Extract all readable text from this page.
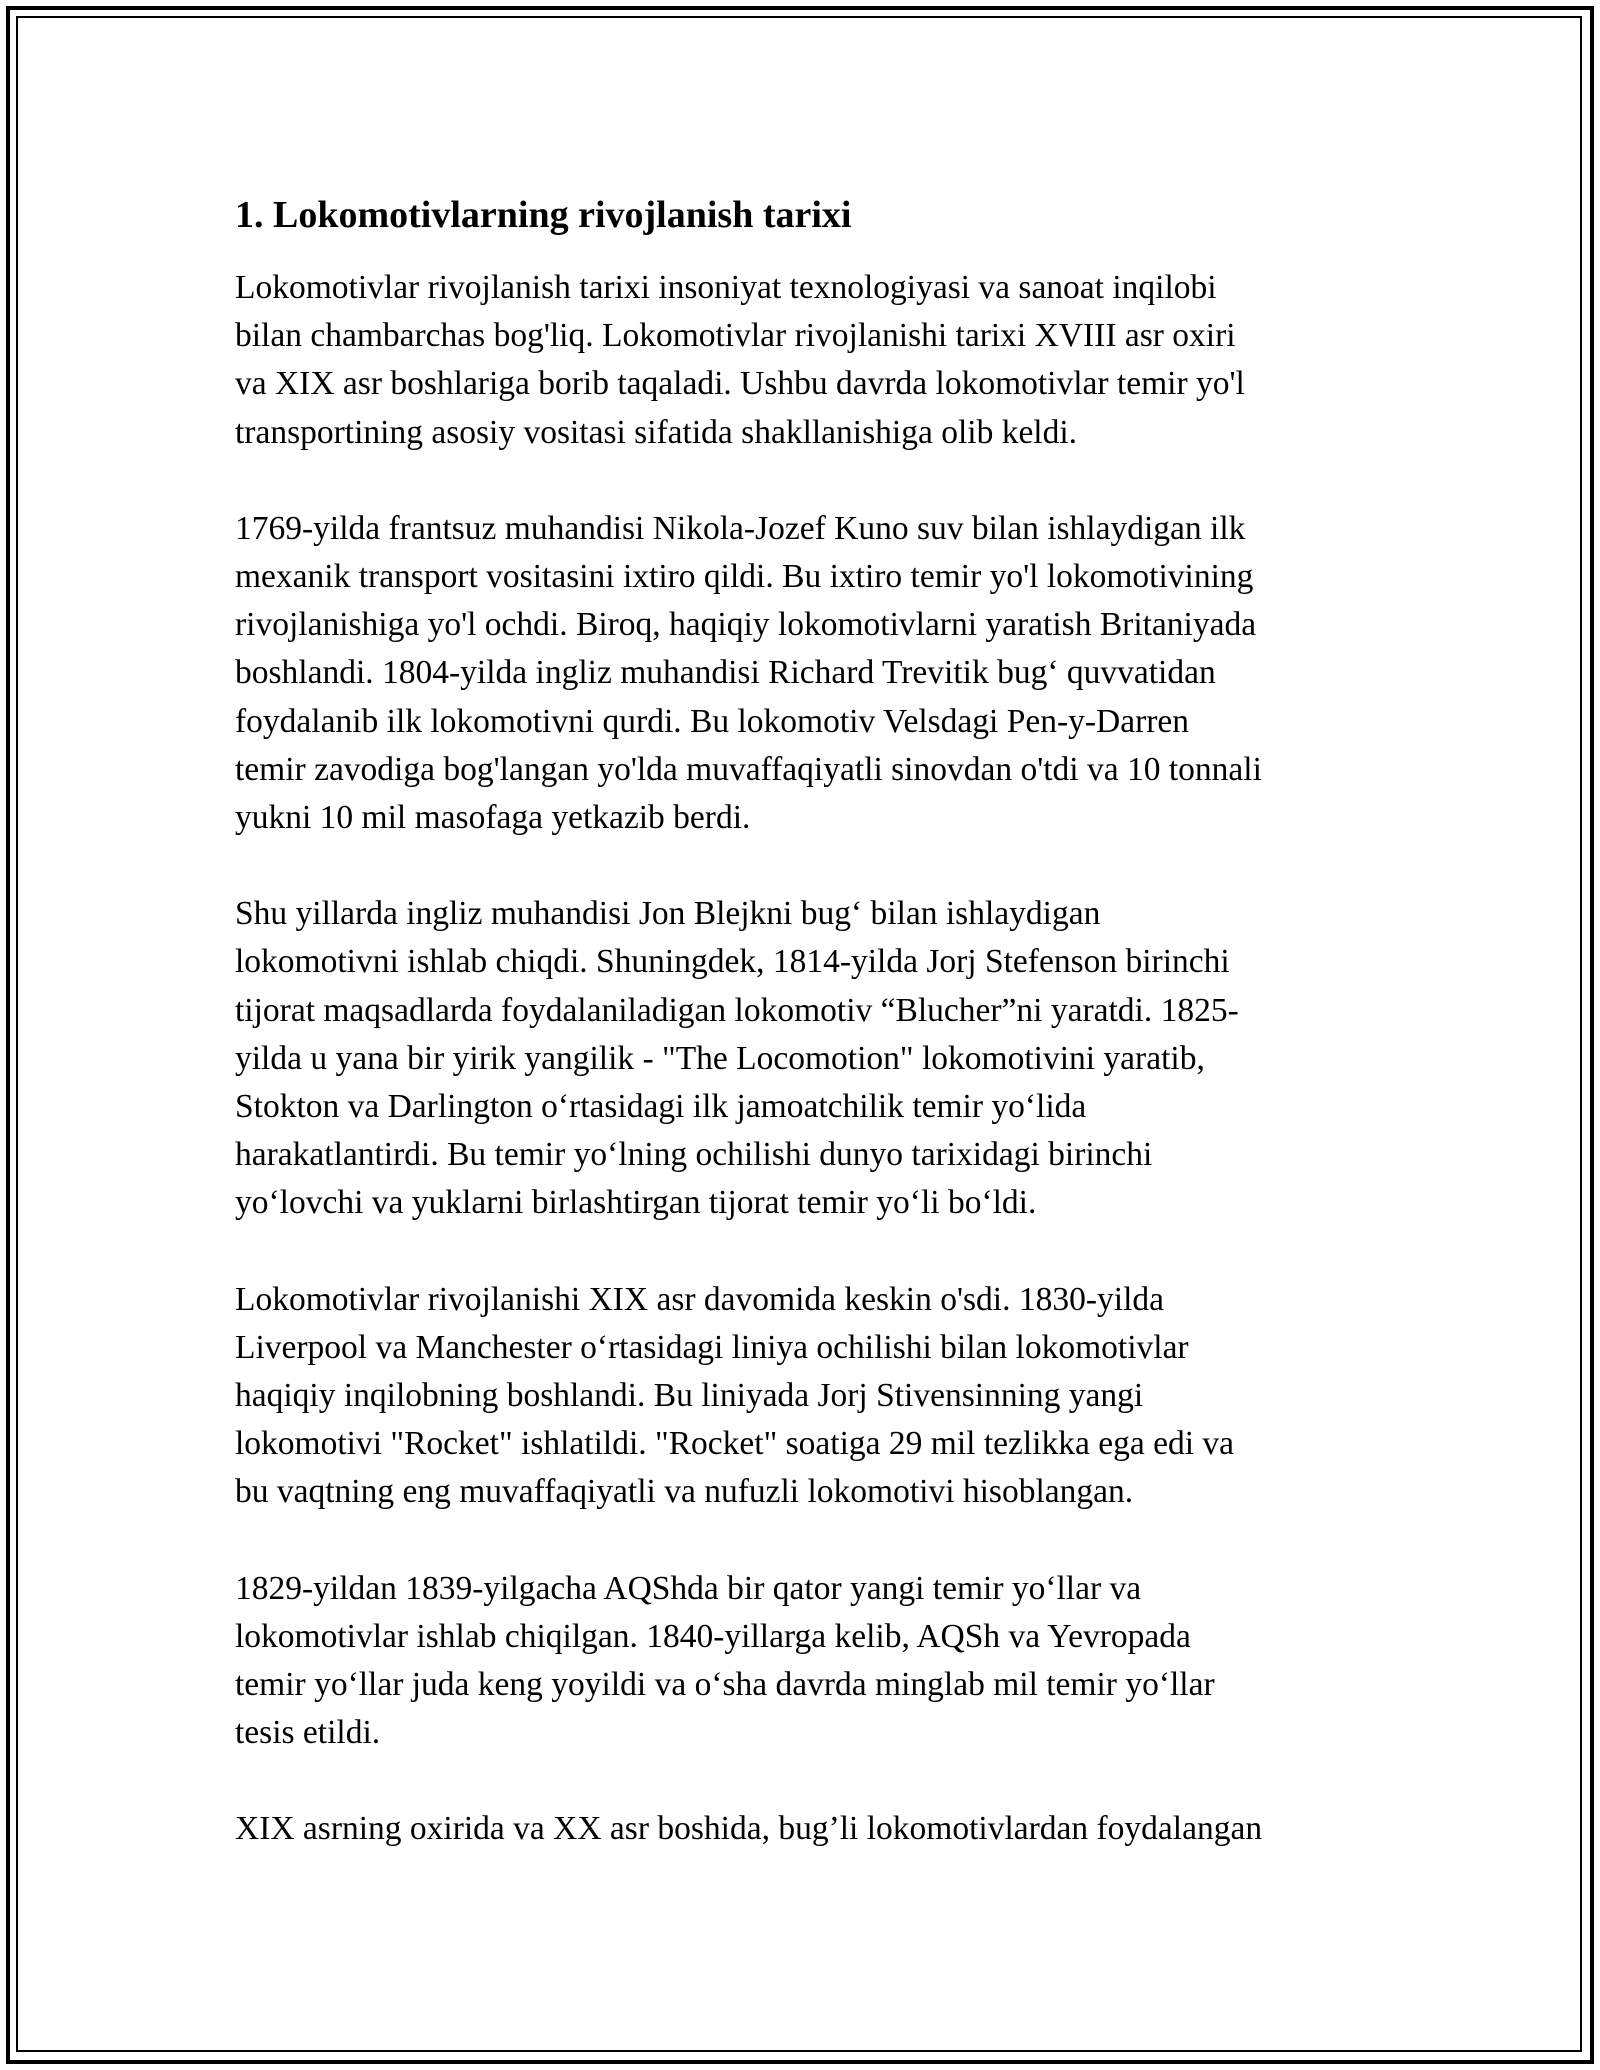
1. Lokomotivlarning rivojlanish tarixi

Lokomotivlar rivojlanish tarixi insoniyat texnologiyasi va sanoat inqilobi
bilan chambarchas bog'liq. Lokomotivlar rivojlanishi tarixi XVIII asr oxiri
va XIX asr boshlariga borib taqaladi. Ushbu davrda lokomotivlar temir yo'l
transportining asosiy vositasi sifatida shakllanishiga olib keldi.

1769-yilda frantsuz muhandisi Nikola-Jozef Kuno suv bilan ishlaydigan ilk
mexanik transport vositasini ixtiro qildi. Bu ixtiro temir yo'l lokomotivining
rivojlanishiga yo'l ochdi. Biroq, haqiqiy lokomotivlarni yaratish Britaniyada
boshlandi. 1804-yilda ingliz muhandisi Richard Trevitik bug‘ quvvatidan
foydalanib ilk lokomotivni qurdi. Bu lokomotiv Velsdagi Pen-y-Darren
temir zavodiga bog'langan yo'lda muvaffaqiyatli sinovdan o'tdi va 10 tonnali
yukni 10 mil masofaga yetkazib berdi.

Shu yillarda ingliz muhandisi Jon Blejkni bug‘ bilan ishlaydigan
lokomotivni ishlab chiqdi. Shuningdek, 1814-yilda Jorj Stefenson birinchi
tijorat maqsadlarda foydalaniladigan lokomotiv “Blucher”ni yaratdi. 1825-
yilda u yana bir yirik yangilik - "The Locomotion" lokomotivini yaratib,
Stokton va Darlington o‘rtasidagi ilk jamoatchilik temir yo‘lida
harakatlantirdi. Bu temir yo‘lning ochilishi dunyo tarixidagi birinchi
yo‘lovchi va yuklarni birlashtirgan tijorat temir yo‘li bo‘ldi.

Lokomotivlar rivojlanishi XIX asr davomida keskin o'sdi. 1830-yilda
Liverpool va Manchester o‘rtasidagi liniya ochilishi bilan lokomotivlar
haqiqiy inqilobning boshlandi. Bu liniyada Jorj Stivensinning yangi
lokomotivi "Rocket" ishlatildi. "Rocket" soatiga 29 mil tezlikka ega edi va
bu vaqtning eng muvaffaqiyatli va nufuzli lokomotivi hisoblangan.

1829-yildan 1839-yilgacha AQShda bir qator yangi temir yo‘llar va
lokomotivlar ishlab chiqilgan. 1840-yillarga kelib, AQSh va Yevropada
temir yo‘llar juda keng yoyildi va o‘sha davrda minglab mil temir yo‘llar
tesis etildi.

XIX asrning oxirida va XX asr boshida, bug’li lokomotivlardan foydalangan
